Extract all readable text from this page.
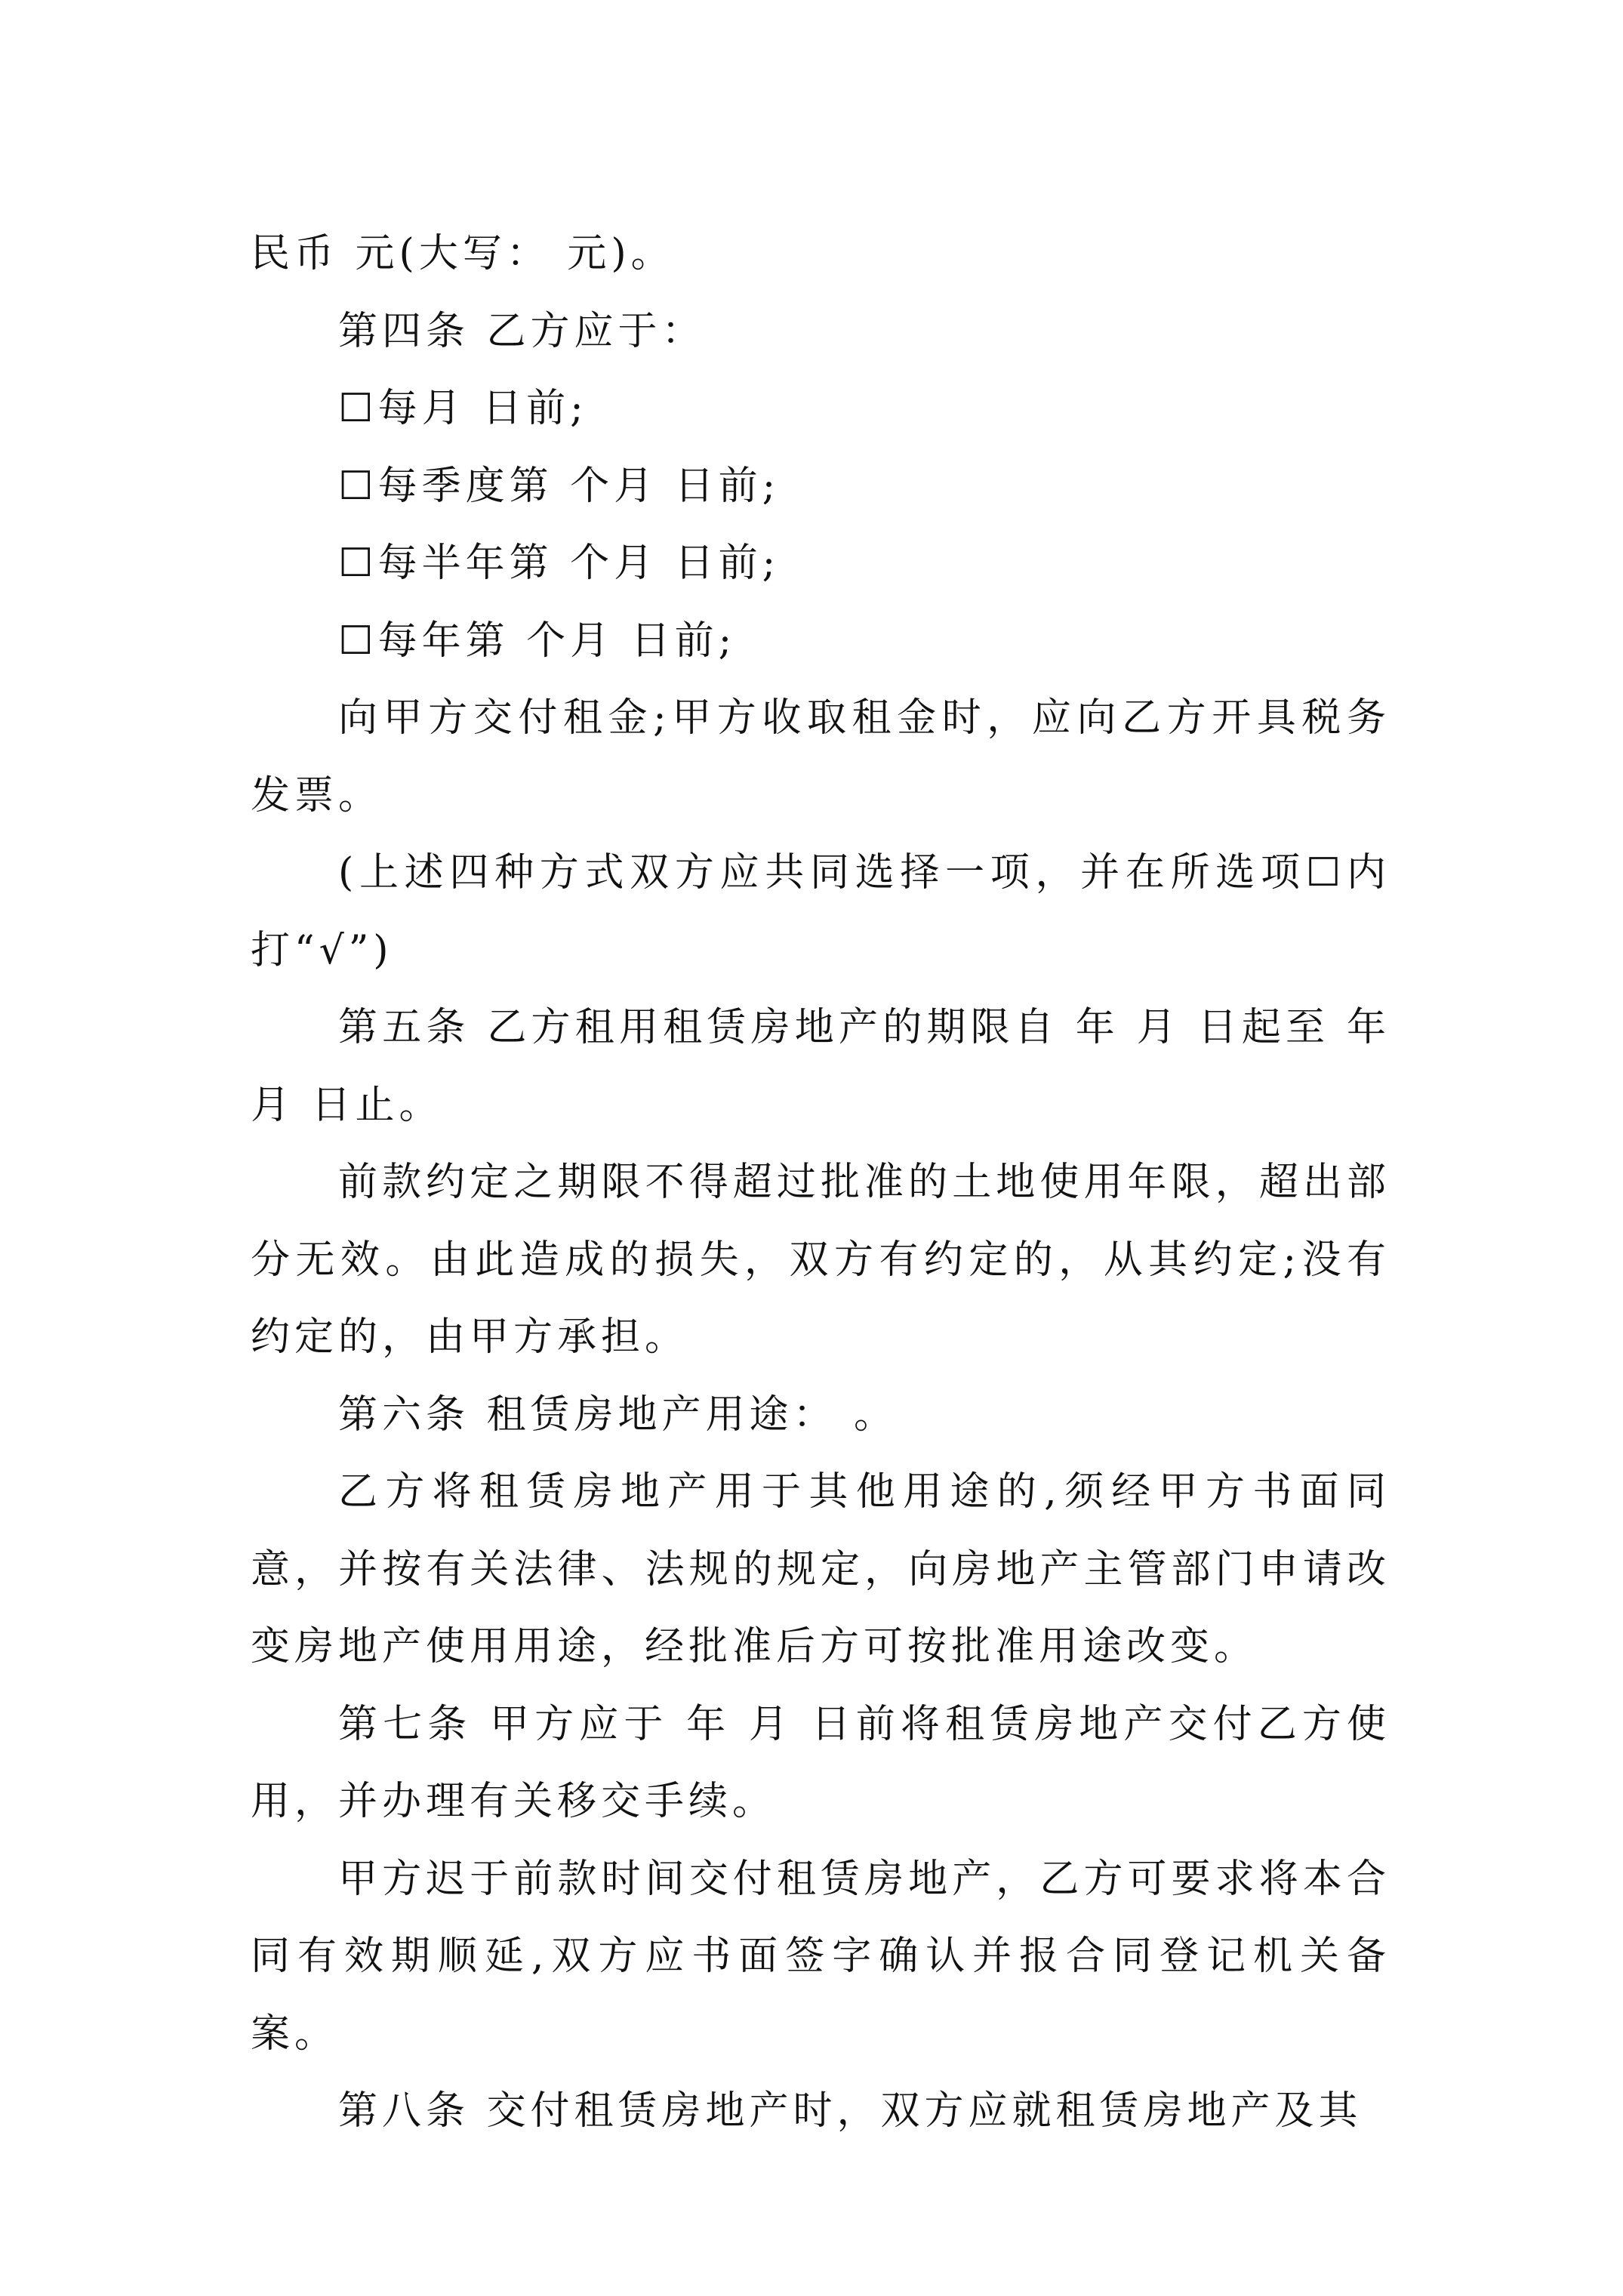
民币 元(大写： 元)。

第四条 乙方应于：

☐每月 日前;

☐每季度第 个月 日前;

☐每半年第 个月 日前;

☐每年第 个月 日前;

向甲方交付租金;甲方收取租金时，应向乙方开具税务发票。

(上述四种方式双方应共同选择一项，并在所选项☐内打“√”)

第五条 乙方租用租赁房地产的期限自 年 月 日起至 年 月 日止。

前款约定之期限不得超过批准的土地使用年限，超出部分无效。由此造成的损失，双方有约定的，从其约定;没有约定的，由甲方承担。

第六条 租赁房地产用途： 。

乙方将租赁房地产用于其他用途的,须经甲方书面同意，并按有关法律、法规的规定，向房地产主管部门申请改变房地产使用用途，经批准后方可按批准用途改变。

第七条 甲方应于 年 月 日前将租赁房地产交付乙方使用，并办理有关移交手续。

甲方迟于前款时间交付租赁房地产，乙方可要求将本合同有效期顺延,双方应书面签字确认并报合同登记机关备案。

第八条 交付租赁房地产时，双方应就租赁房地产及其
